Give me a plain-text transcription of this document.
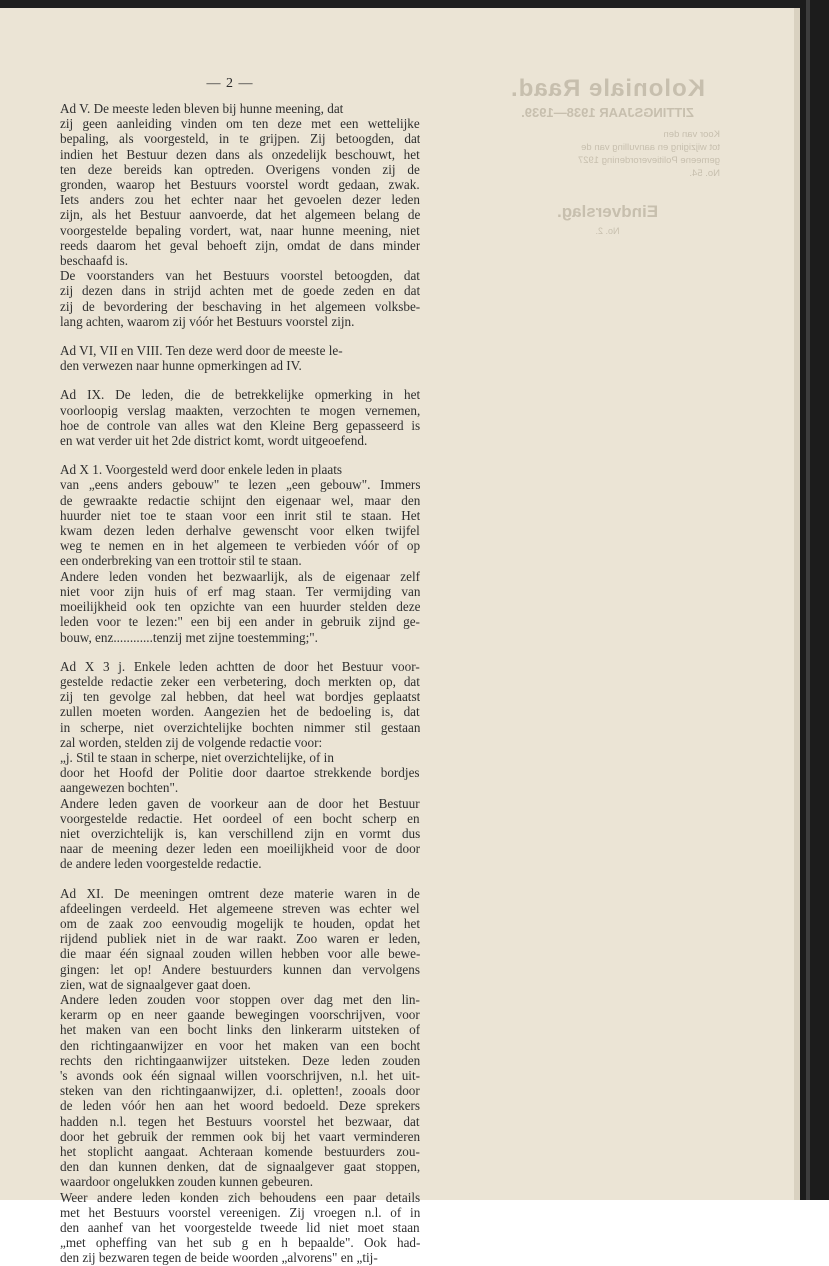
Koloniale Raad.
ZITTINGSJAAR 1938—1939.
Koor van den
tot wijziging en aanvulling van de
gemeene Politieverordening 1927
No. 54.
Eindverslag.
No. 2.
— 2 —
Ad V. De meeste leden bleven bij hunne meening, dat
zij geen aanleiding vinden om ten deze met een wettelijke
bepaling, als voorgesteld, in te grijpen. Zij betoogden, dat
indien het Bestuur dezen dans als onzedelijk beschouwt, het
ten deze bereids kan optreden. Overigens vonden zij de
gronden, waarop het Bestuurs voorstel wordt gedaan, zwak.
Iets anders zou het echter naar het gevoelen dezer leden
zijn, als het Bestuur aanvoerde, dat het algemeen belang de
voorgestelde bepaling vordert, wat, naar hunne meening, niet
reeds daarom het geval behoeft zijn, omdat de dans minder
beschaafd is.
De voorstanders van het Bestuurs voorstel betoogden, dat
zij dezen dans in strijd achten met de goede zeden en dat
zij de bevordering der beschaving in het algemeen volksbe-
lang achten, waarom zij vóór het Bestuurs voorstel zijn.
Ad VI, VII en VIII. Ten deze werd door de meeste le-
den verwezen naar hunne opmerkingen ad IV.
Ad IX. De leden, die de betrekkelijke opmerking in het
voorloopig verslag maakten, verzochten te mogen vernemen,
hoe de controle van alles wat den Kleine Berg gepasseerd is
en wat verder uit het 2de district komt, wordt uitgeoefend.
Ad X 1. Voorgesteld werd door enkele leden in plaats
van „eens anders gebouw" te lezen „een gebouw". Immers
de gewraakte redactie schijnt den eigenaar wel, maar den
huurder niet toe te staan voor een inrit stil te staan. Het
kwam dezen leden derhalve gewenscht voor elken twijfel
weg te nemen en in het algemeen te verbieden vóór of op
een onderbreking van een trottoir stil te staan.
Andere leden vonden het bezwaarlijk, als de eigenaar zelf
niet voor zijn huis of erf mag staan. Ter vermijding van
moeilijkheid ook ten opzichte van een huurder stelden deze
leden voor te lezen:" een bij een ander in gebruik zijnd ge-
bouw, enz............tenzij met zijne toestemming;".
Ad X 3 j. Enkele leden achtten de door het Bestuur voor-
gestelde redactie zeker een verbetering, doch merkten op, dat
zij ten gevolge zal hebben, dat heel wat bordjes geplaatst
zullen moeten worden. Aangezien het de bedoeling is, dat
in scherpe, niet overzichtelijke bochten nimmer stil gestaan
zal worden, stelden zij de volgende redactie voor:
„j. Stil te staan in scherpe, niet overzichtelijke, of in
door het Hoofd der Politie door daartoe strekkende bordjes
aangewezen bochten".
Andere leden gaven de voorkeur aan de door het Bestuur
voorgestelde redactie. Het oordeel of een bocht scherp en
niet overzichtelijk is, kan verschillend zijn en vormt dus
naar de meening dezer leden een moeilijkheid voor de door
de andere leden voorgestelde redactie.
Ad XI. De meeningen omtrent deze materie waren in de
afdeelingen verdeeld. Het algemeene streven was echter wel
om de zaak zoo eenvoudig mogelijk te houden, opdat het
rijdend publiek niet in de war raakt. Zoo waren er leden,
die maar één signaal zouden willen hebben voor alle bewe-
gingen: let op! Andere bestuurders kunnen dan vervolgens
zien, wat de signaalgever gaat doen.
Andere leden zouden voor stoppen over dag met den lin-
kerarm op en neer gaande bewegingen voorschrijven, voor
het maken van een bocht links den linkerarm uitsteken of
den richtingaanwijzer en voor het maken van een bocht
rechts den richtingaanwijzer uitsteken. Deze leden zouden
's avonds ook één signaal willen voorschrijven, n.l. het uit-
steken van den richtingaanwijzer, d.i. opletten!, zooals door
de leden vóór hen aan het woord bedoeld. Deze sprekers
hadden n.l. tegen het Bestuurs voorstel het bezwaar, dat
door het gebruik der remmen ook bij het vaart verminderen
het stoplicht aangaat. Achteraan komende bestuurders zou-
den dan kunnen denken, dat de signaalgever gaat stoppen,
waardoor ongelukken zouden kunnen gebeuren.
Weer andere leden konden zich behoudens een paar details
met het Bestuurs voorstel vereenigen. Zij vroegen n.l. of in
den aanhef van het voorgestelde tweede lid niet moet staan
„met opheffing van het sub g en h bepaalde". Ook had-
den zij bezwaren tegen de beide woorden „alvorens" en „tij-
